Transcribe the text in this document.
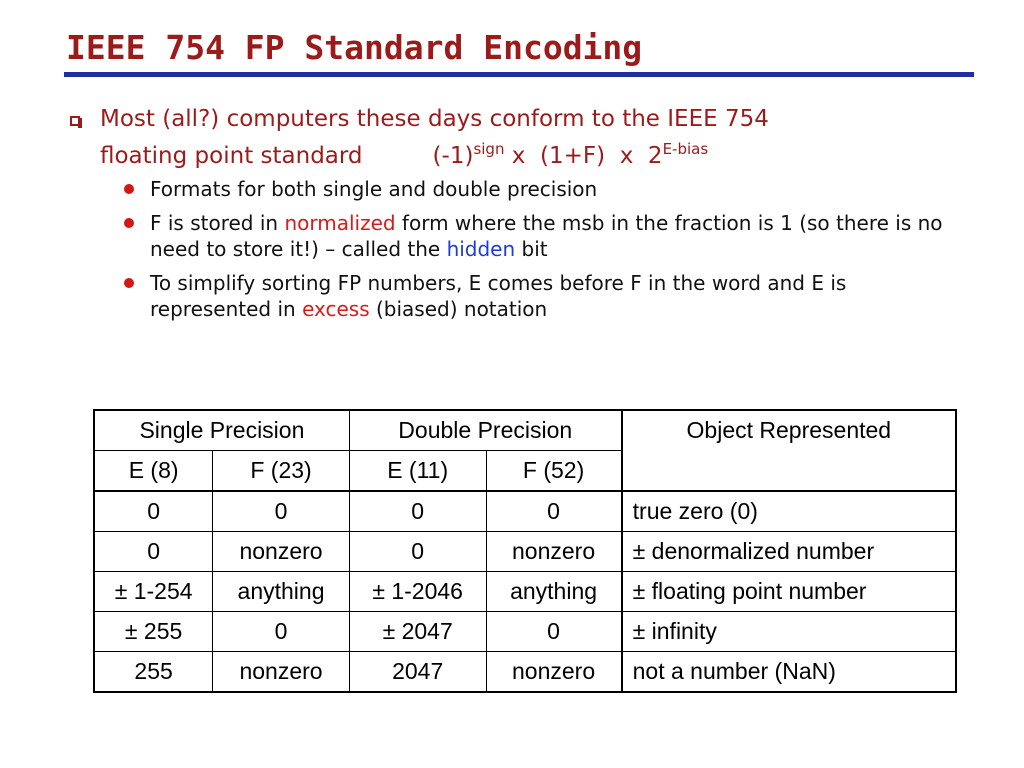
IEEE 754 FP Standard Encoding
Most (all?) computers these days conform to the IEEE 754
floating point standard	$(-1)^{sign}$ x  (1+F)  x  $2^{E-bias}$
Formats for both single and double precision
F is stored in normalized form where the msb in the fraction is 1 (so there is no need to store it!) – called the hidden bit
To simplify sorting FP numbers, E comes before F in the word and E is represented in excess (biased) notation
Single Precision		Double Precision		Object Represented
E (8)	F (23)	E (11)	F (52)	
0	0	0	0	true zero (0)
0	nonzero	0	nonzero	± denormalized number
± 1-254	anything	± 1-2046	anything	± floating point number
± 255	0	± 2047	0	± infinity
255	nonzero	2047	nonzero	not a number (NaN)
